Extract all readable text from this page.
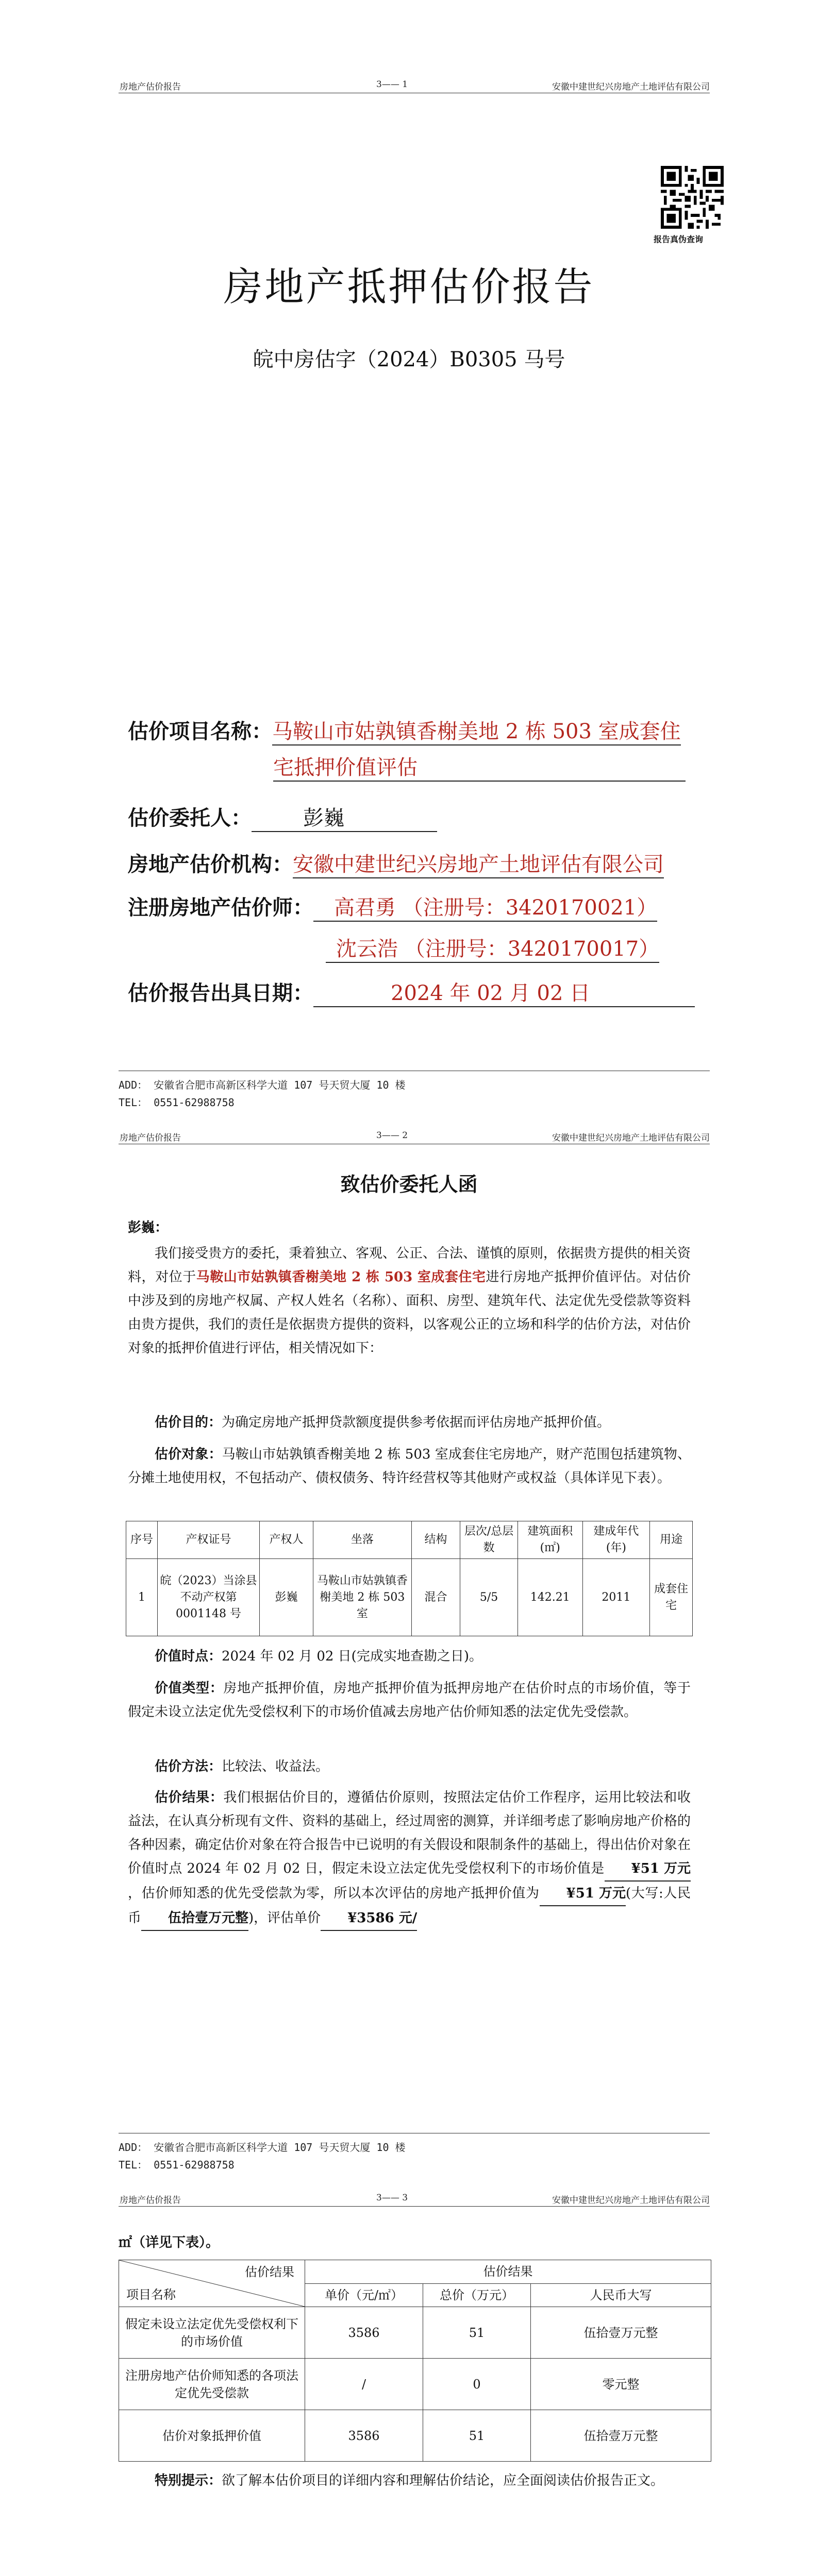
房地产估价报告	3—— 1	安徽中建世纪兴房地产土地评估有限公司
报告真伪查询
房地产抵押估价报告
皖中房估字（2024）B0305 马号
估价项目名称：马鞍山市姑孰镇香榭美地 2 栋 503 室成套住
宅抵押价值评估
估价委托人：	彭巍
房地产估价机构：安徽中建世纪兴房地产土地评估有限公司
注册房地产估价师： 高君勇 （注册号：3420170021）
沈云浩 （注册号：3420170017）
估价报告出具日期：	2024 年 02 月 02 日
ADD： 安徽省合肥市高新区科学大道 107 号天贸大厦 10 楼
TEL： 0551-62988758
房地产估价报告	3—— 2	安徽中建世纪兴房地产土地评估有限公司
致估价委托人函
彭巍：
我们接受贵方的委托，秉着独立、客观、公正、合法、谨慎的原则，依据贵方提供的相关资料，对位于马鞍山市姑孰镇香榭美地 2 栋 503 室成套住宅进行房地产抵押价值评估。对估价中涉及到的房地产权属、产权人姓名（名称）、面积、房型、建筑年代、法定优先受偿款等资料由贵方提供，我们的责任是依据贵方提供的资料，以客观公正的立场和科学的估价方法，对估价对象的抵押价值进行评估，相关情况如下：
估价目的：为确定房地产抵押贷款额度提供参考依据而评估房地产抵押价值。
估价对象：马鞍山市姑孰镇香榭美地 2 栋 503 室成套住宅房地产，财产范围包括建筑物、分摊土地使用权，不包括动产、债权债务、特许经营权等其他财产或权益（具体详见下表）。
序号	产权证号	产权人	坐落	结构	层次/总层数	建筑面积(㎡)	建成年代(年)	用途
1	皖（2023）当涂县不动产权第 0001148 号	彭巍	马鞍山市姑孰镇香榭美地 2 栋 503 室	混合	5/5	142.21	2011	成套住宅
价值时点：2024 年 02 月 02 日(完成实地查勘之日)。
价值类型：房地产抵押价值，房地产抵押价值为抵押房地产在估价时点的市场价值，等于假定未设立法定优先受偿权利下的市场价值减去房地产估价师知悉的法定优先受偿款。
估价方法：比较法、收益法。
估价结果：我们根据估价目的，遵循估价原则，按照法定估价工作程序，运用比较法和收益法，在认真分析现有文件、资料的基础上，经过周密的测算，并详细考虑了影响房地产价格的各种因素，确定估价对象在符合报告中已说明的有关假设和限制条件的基础上，得出估价对象在价值时点 2024 年 02 月 02 日，假定未设立法定优先受偿权利下的市场价值是 ¥51 万元，估价师知悉的优先受偿款为零，所以本次评估的房地产抵押价值为 ¥51 万元(大写:人民币 伍拾壹万元整)，评估单价 ¥3586 元/
ADD： 安徽省合肥市高新区科学大道 107 号天贸大厦 10 楼
TEL： 0551-62988758
房地产估价报告	3—— 3	安徽中建世纪兴房地产土地评估有限公司
㎡（详见下表）。
估价结果
项目名称	估价结果		
	单价（元/㎡）	总价（万元）	人民币大写
假定未设立法定优先受偿权利下的市场价值	3586	51	伍拾壹万元整
注册房地产估价师知悉的各项法定优先受偿款	/	0	零元整
估价对象抵押价值	3586	51	伍拾壹万元整
特别提示：欲了解本估价项目的详细内容和理解估价结论，应全面阅读估价报告正文。
